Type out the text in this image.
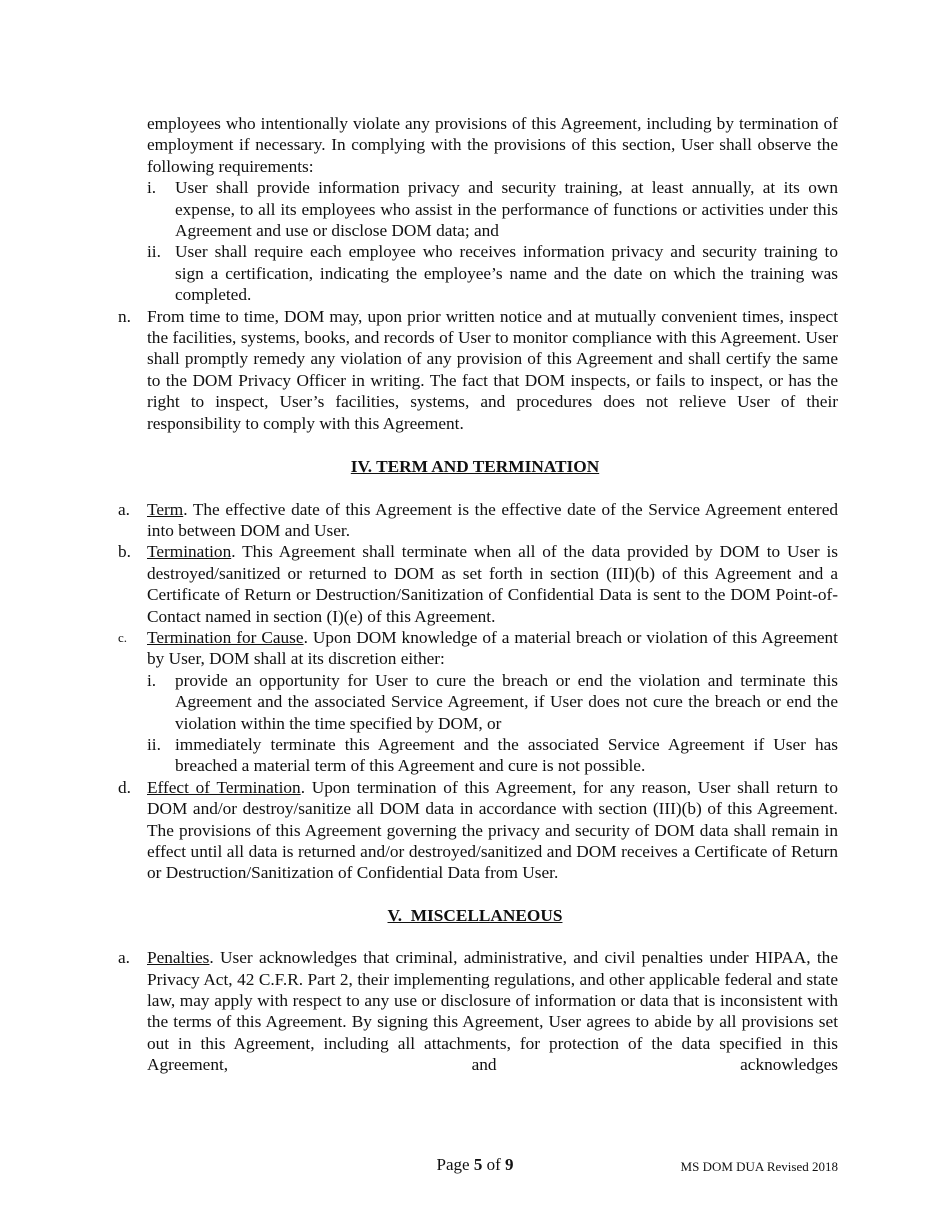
employees who intentionally violate any provisions of this Agreement, including by termination of employment if necessary. In complying with the provisions of this section, User shall observe the following requirements:

i. User shall provide information privacy and security training, at least annually, at its own expense, to all its employees who assist in the performance of functions or activities under this Agreement and use or disclose DOM data; and

ii. User shall require each employee who receives information privacy and security training to sign a certification, indicating the employee’s name and the date on which the training was completed.

n. From time to time, DOM may, upon prior written notice and at mutually convenient times, inspect the facilities, systems, books, and records of User to monitor compliance with this Agreement. User shall promptly remedy any violation of any provision of this Agreement and shall certify the same to the DOM Privacy Officer in writing. The fact that DOM inspects, or fails to inspect, or has the right to inspect, User’s facilities, systems, and procedures does not relieve User of their responsibility to comply with this Agreement.

IV. TERM AND TERMINATION
a. Term. The effective date of this Agreement is the effective date of the Service Agreement entered into between DOM and User.

b. Termination. This Agreement shall terminate when all of the data provided by DOM to User is destroyed/sanitized or returned to DOM as set forth in section (III)(b) of this Agreement and a Certificate of Return or Destruction/Sanitization of Confidential Data is sent to the DOM Point-of-Contact named in section (I)(e) of this Agreement.

c. Termination for Cause. Upon DOM knowledge of a material breach or violation of this Agreement by User, DOM shall at its discretion either:

i. provide an opportunity for User to cure the breach or end the violation and terminate this Agreement and the associated Service Agreement, if User does not cure the breach or end the violation within the time specified by DOM, or

ii. immediately terminate this Agreement and the associated Service Agreement if User has breached a material term of this Agreement and cure is not possible.

d. Effect of Termination. Upon termination of this Agreement, for any reason, User shall return to DOM and/or destroy/sanitize all DOM data in accordance with section (III)(b) of this Agreement. The provisions of this Agreement governing the privacy and security of DOM data shall remain in effect until all data is returned and/or destroyed/sanitized and DOM receives a Certificate of Return or Destruction/Sanitization of Confidential Data from User.

V.  MISCELLANEOUS
a. Penalties. User acknowledges that criminal, administrative, and civil penalties under HIPAA, the Privacy Act, 42 C.F.R. Part 2, their implementing regulations, and other applicable federal and state law, may apply with respect to any use or disclosure of information or data that is inconsistent with the terms of this Agreement. By signing this Agreement, User agrees to abide by all provisions set out in this Agreement, including all attachments, for protection of the data specified in this Agreement, and acknowledges

Page 5 of 9	MS DOM DUA Revised 2018
